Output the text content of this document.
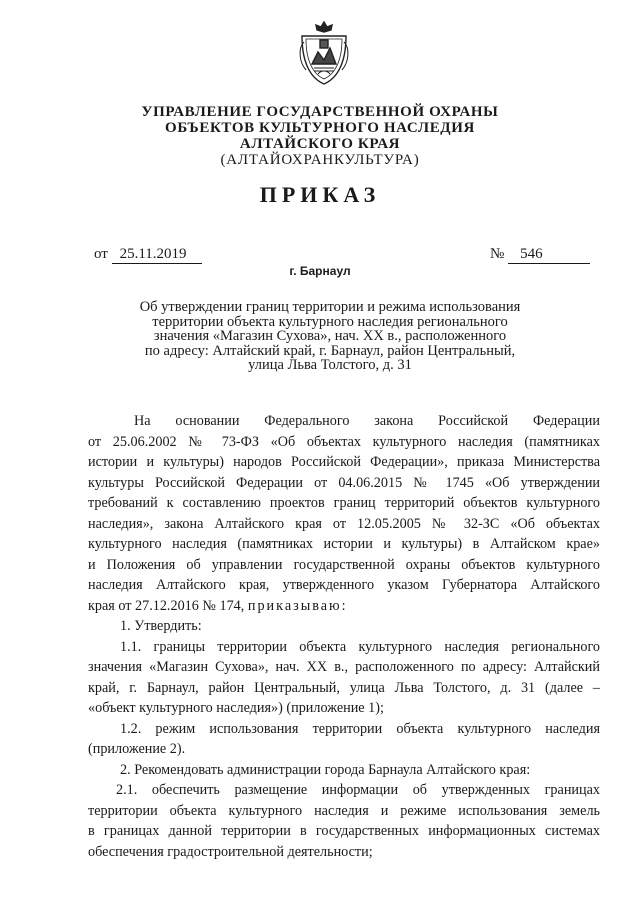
УПРАВЛЕНИЕ ГОСУДАРСТВЕННОЙ ОХРАНЫ
ОБЪЕКТОВ КУЛЬТУРНОГО НАСЛЕДИЯ
АЛТАЙСКОГО КРАЯ
(АЛТАЙОХРАНКУЛЬТУРА)
ПРИКАЗ
от 25.11.2019	№ 546
г. Барнаул
Об утверждении границ территории и режима использования
территории объекта культурного наследия регионального
значения «Магазин Сухова», нач. XX в., расположенного
по адресу: Алтайский край, г. Барнаул, район Центральный,
улица Льва Толстого, д. 31
На основании Федерального закона Российской Федерации
от 25.06.2002 № 73-ФЗ «Об объектах культурного наследия (памятниках
истории и культуры) народов Российской Федерации», приказа Министерства
культуры Российской Федерации от 04.06.2015 № 1745 «Об утверждении
требований к составлению проектов границ территорий объектов культурного
наследия», закона Алтайского края от 12.05.2005 № 32-ЗС «Об объектах
культурного наследия (памятниках истории и культуры) в Алтайском крае»
и Положения об управлении государственной охраны объектов культурного
наследия Алтайского края, утвержденного указом Губернатора Алтайского
края от 27.12.2016 № 174, приказываю:
1. Утвердить:
1.1. границы территории объекта культурного наследия регионального
значения «Магазин Сухова», нач. XX в., расположенного по адресу: Алтайский
край, г. Барнаул, район Центральный, улица Льва Толстого, д. 31 (далее –
«объект культурного наследия») (приложение 1);
1.2. режим использования территории объекта культурного наследия
(приложение 2).
2. Рекомендовать администрации города Барнаула Алтайского края:
2.1. обеспечить размещение информации об утвержденных границах
территории объекта культурного наследия и режиме использования земель
в границах данной территории в государственных информационных системах
обеспечения градостроительной деятельности;
